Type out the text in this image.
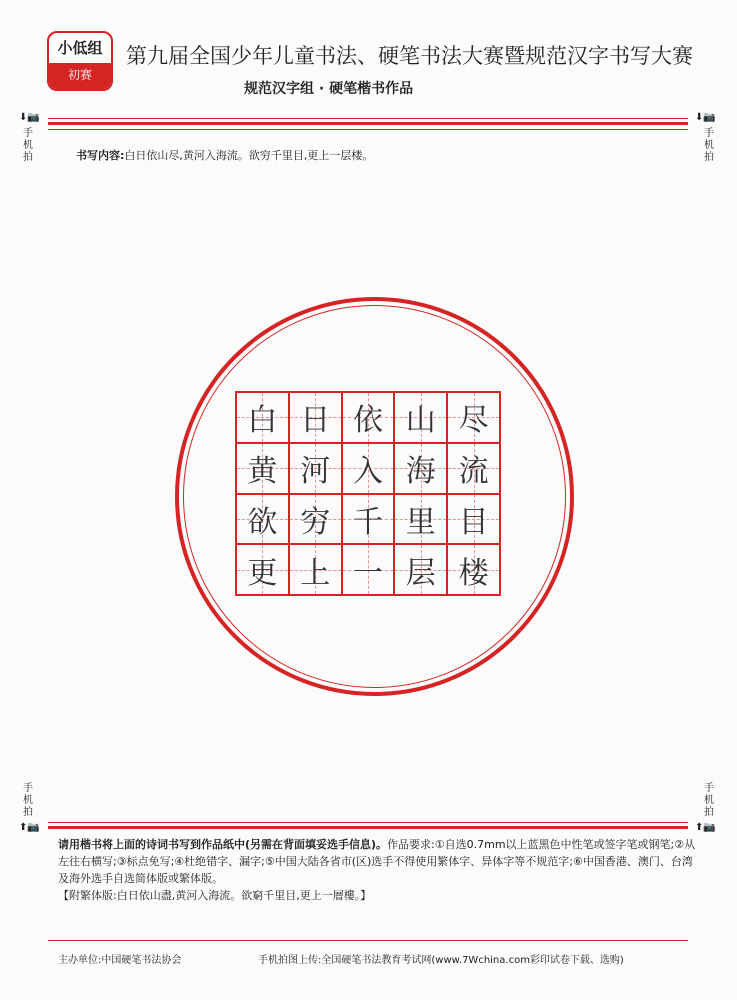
小低组
初赛
第九届全国少年儿童书法、硬笔书法大赛暨规范汉字书写大赛
规范汉字组 · 硬笔楷书作品
⬇📷
手机拍
⬇📷
手机拍
书写内容:白日依山尽,黄河入海流。欲穷千里目,更上一层楼。
白 日 依 山 尽
黄 河 入 海 流
欲 穷 千 里 目
更 上 一 层 楼
手机拍
⬆📷
手机拍
⬆📷
请用楷书将上面的诗词书写到作品纸中(另需在背面填妥选手信息)。作品要求:①自选0.7mm以上蓝黑色中性笔或签字笔或钢笔;②从左往右横写;③标点免写;④杜绝错字、漏字;⑤中国大陆各省市(区)选手不得使用繁体字、异体字等不规范字;⑥中国香港、澳门、台湾及海外选手自选简体版或繁体版。
【附繁体版:白日依山盡,黄河入海流。欲窮千里目,更上一層樓。】
主办单位:中国硬笔书法协会	手机拍图上传:全国硬笔书法教育考试网(www.7Wchina.com彩印试卷下载、选购)
